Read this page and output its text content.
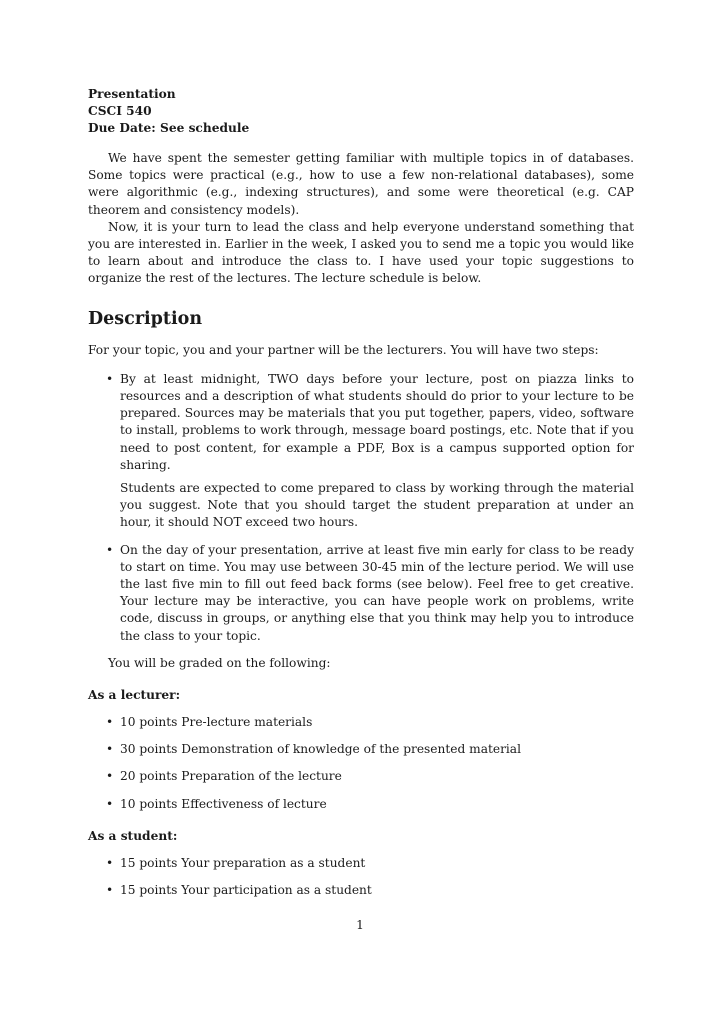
Presentation
CSCI 540
Due Date: See schedule

We have spent the semester getting familiar with multiple topics in of databases. Some topics were practical (e.g., how to use a few non-relational databases), some were algorithmic (e.g., indexing structures), and some were theoretical (e.g. CAP theorem and consistency models).

Now, it is your turn to lead the class and help everyone understand something that you are interested in. Earlier in the week, I asked you to send me a topic you would like to learn about and introduce the class to. I have used your topic suggestions to organize the rest of the lectures. The lecture schedule is below.

Description

For your topic, you and your partner will be the lecturers. You will have two steps:

• By at least midnight, TWO days before your lecture, post on piazza links to resources and a description of what students should do prior to your lecture to be prepared. Sources may be materials that you put together, papers, video, software to install, problems to work through, message board postings, etc. Note that if you need to post content, for example a PDF, Box is a campus supported option for sharing.

Students are expected to come prepared to class by working through the material you suggest. Note that you should target the student preparation at under an hour, it should NOT exceed two hours.

• On the day of your presentation, arrive at least five min early for class to be ready to start on time. You may use between 30-45 min of the lecture period. We will use the last five min to fill out feed back forms (see below). Feel free to get creative. Your lecture may be interactive, you can have people work on problems, write code, discuss in groups, or anything else that you think may help you to introduce the class to your topic.

You will be graded on the following:

As a lecturer:
• 10 points Pre-lecture materials

• 30 points Demonstration of knowledge of the presented material

• 20 points Preparation of the lecture

• 10 points Effectiveness of lecture

As a student:
• 15 points Your preparation as a student

• 15 points Your participation as a student

1
